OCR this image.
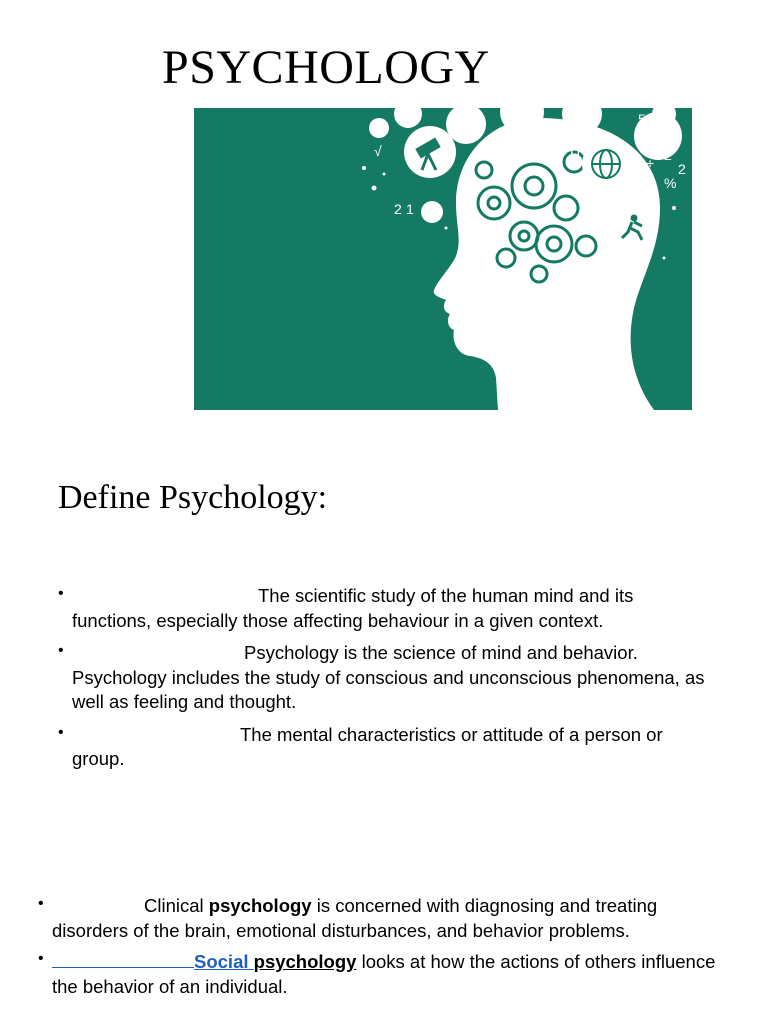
PSYCHOLOGY
2 1
H
5
2
+ 2
%
√
Define Psychology:
•	The scientific study of the human mind and its functions, especially those affecting behaviour in a given context.
•	Psychology is the science of mind and behavior. Psychology includes the study of conscious and unconscious phenomena, as well as feeling and thought.
•	The mental characteristics or attitude of a person or group.
•	Clinical psychology is concerned with diagnosing and treating disorders of the brain, emotional disturbances, and behavior problems.
•	Social psychology looks at how the actions of others influence the behavior of an individual.
